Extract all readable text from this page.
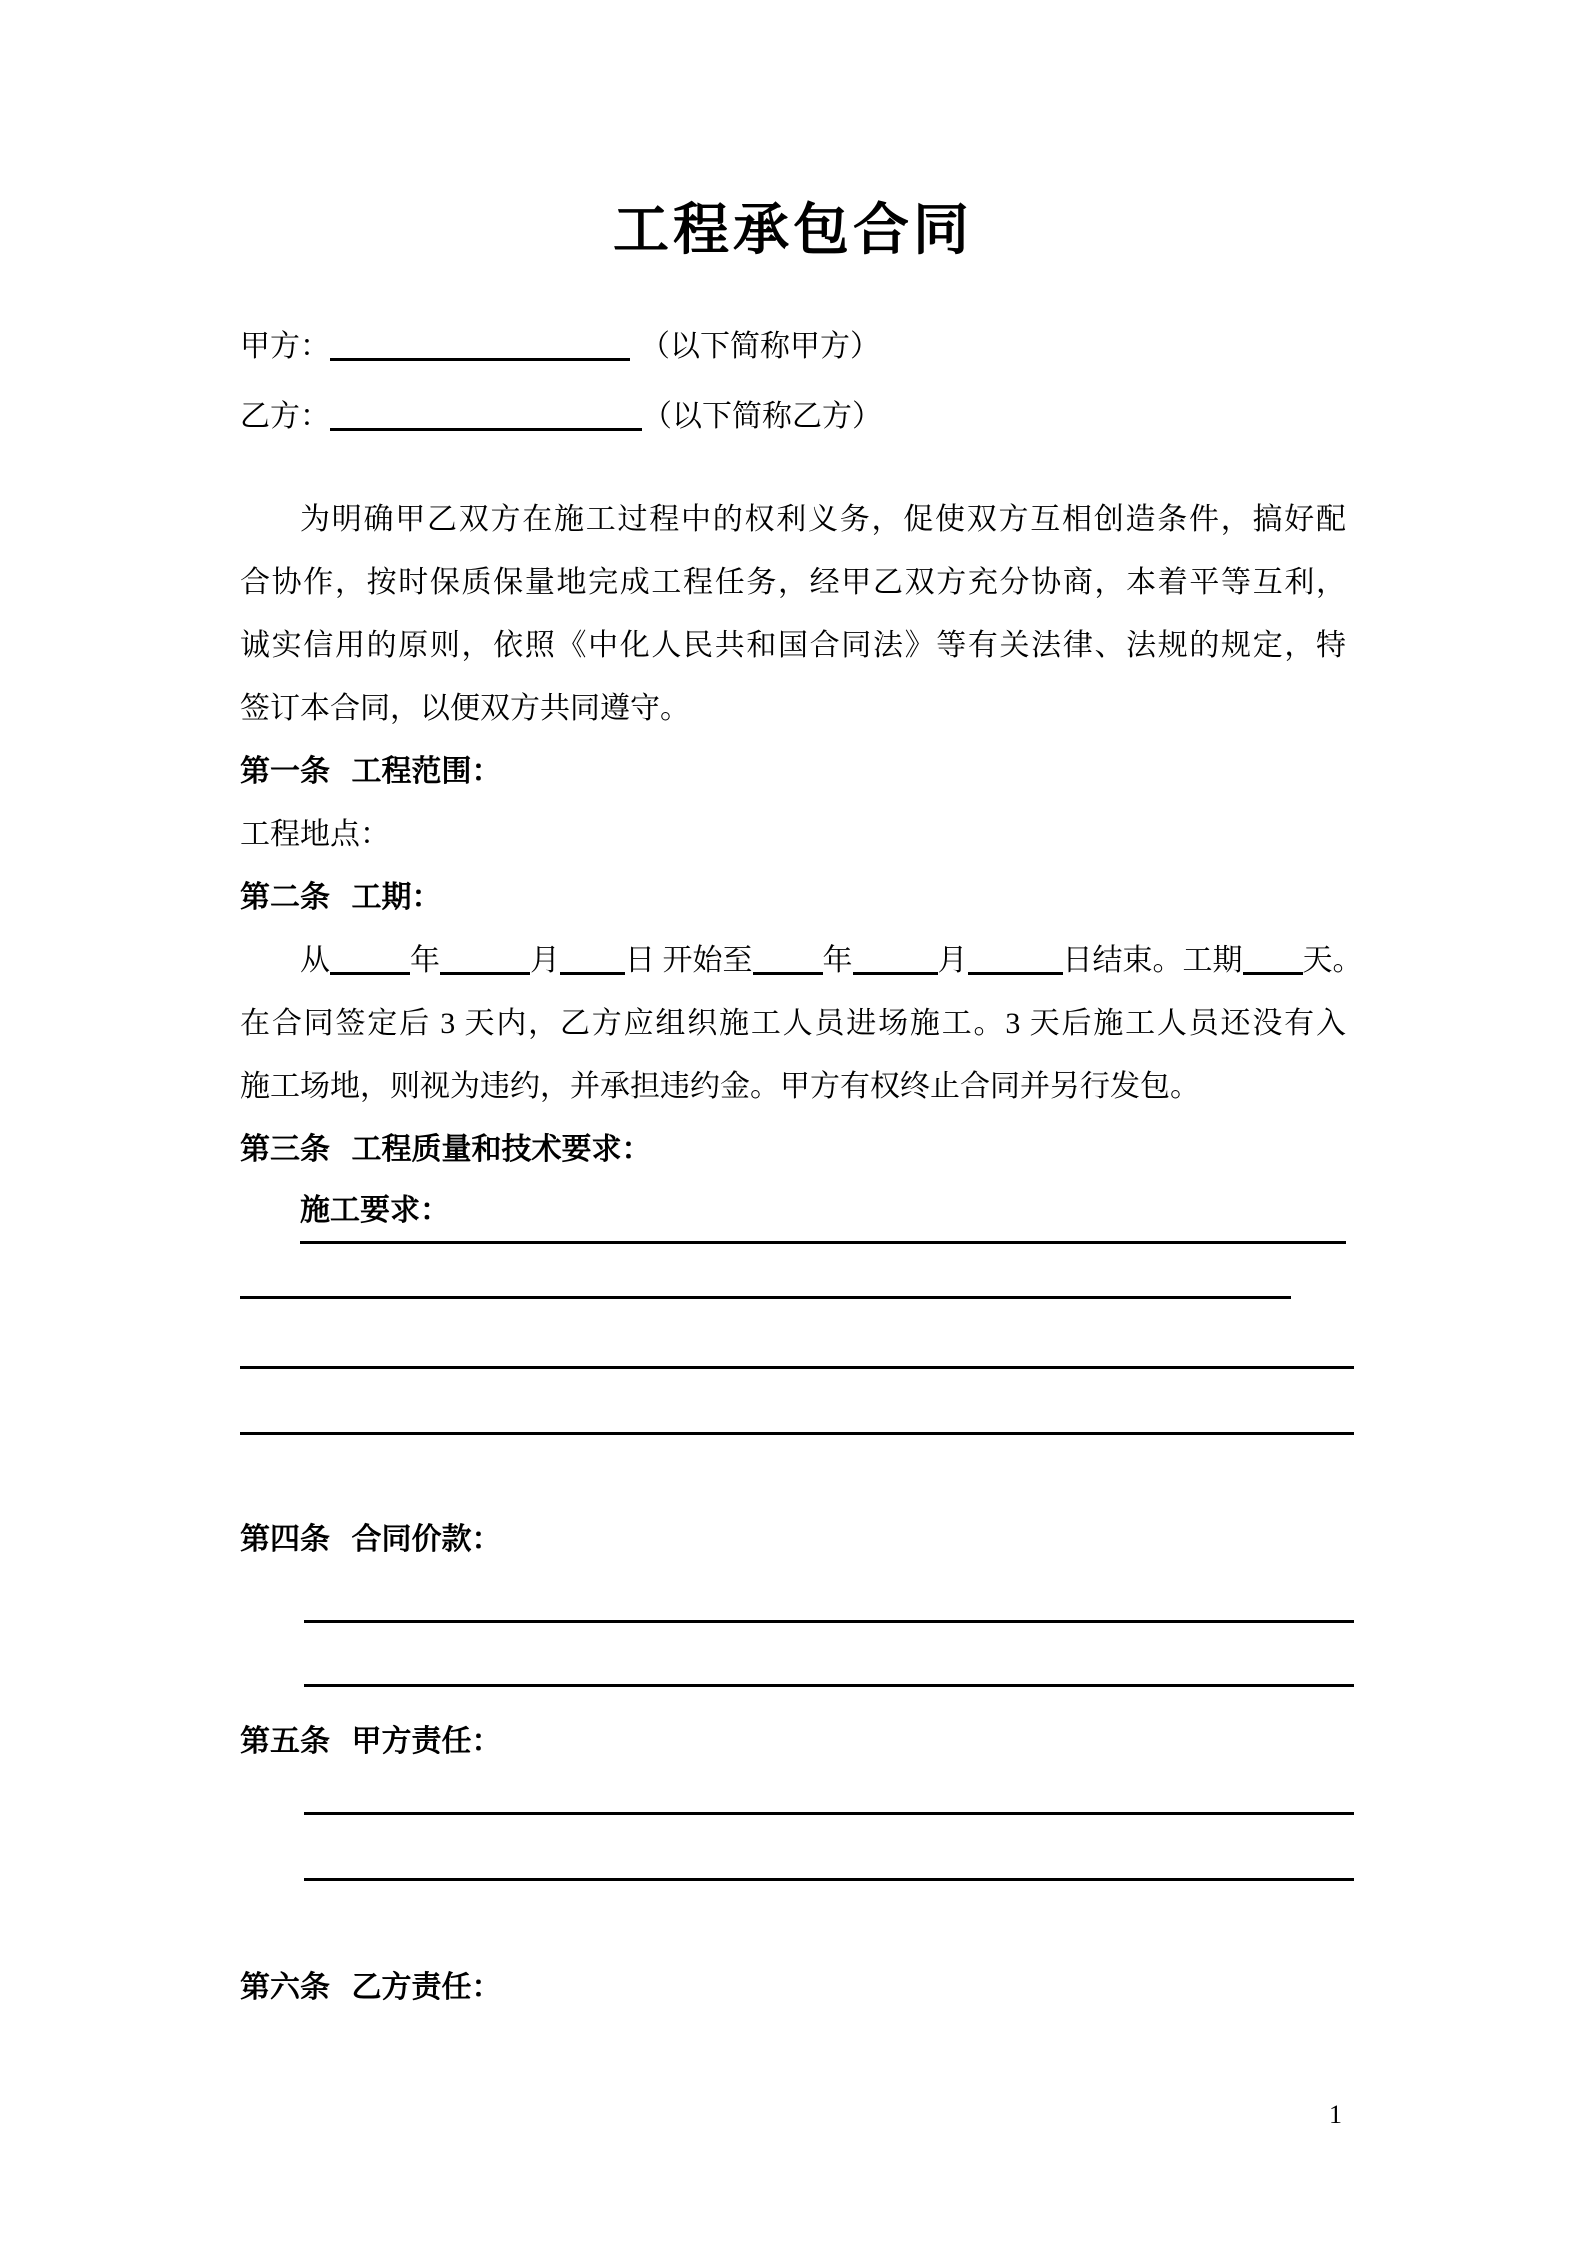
工程承包合同
甲方：	（以下简称甲方）
乙方：	（以下简称乙方）
为明确甲乙双方在施工过程中的权利义务，促使双方互相创造条件，搞好配
合协作，按时保质保量地完成工程任务，经甲乙双方充分协商，本着平等互利，
诚实信用的原则，依照《中化人民共和国合同法》等有关法律、法规的规定，特
签订本合同，以便双方共同遵守。
第一条 工程范围：
工程地点：
第二条 工期：
从	年	月 日 开始至 年	月	日结束。工期 天。
在合同签定后 3 天内，乙方应组织施工人员进场施工。3 天后施工人员还没有入
施工场地，则视为违约，并承担违约金。甲方有权终止合同并另行发包。
第三条 工程质量和技术要求：
施工要求：
第四条 合同价款：
第五条 甲方责任：
第六条 乙方责任：
1
